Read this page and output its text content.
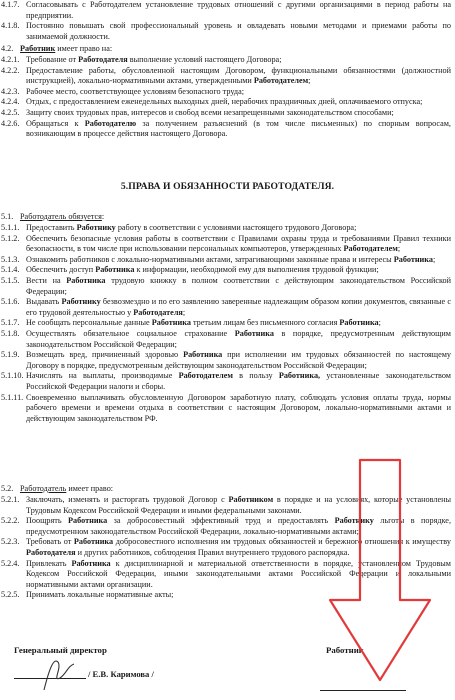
4.1.7. Согласовывать с Работодателем установление трудовых отношений с другими организациями в период работы на предприятии.
4.1.8. Постоянно повышать свой профессиональный уровень и овладевать новыми методами и приемами работы по занимаемой должности.
4.2. Работник имеет право на:
4.2.1. Требование от Работодателя выполнение условий настоящего Договора;
4.2.2. Предоставление работы, обусловленной настоящим Договором, функциональными обязанностями (должностной инструкцией), локально-нормативными актами, утвержденными Работодателем;
4.2.3. Рабочее место, соответствующее условиям безопасного труда;
4.2.4. Отдых, с предоставлением еженедельных выходных дней, нерабочих праздничных дней, оплачиваемого отпуска;
4.2.5. Защиту своих трудовых прав, интересов и свобод всеми незапрещенными законодательством способами;
4.2.6. Обращаться к Работодателю за получением разъяснений (в том числе письменных) по спорным вопросам, возникающим в процессе действия настоящего Договора.
5.ПРАВА И ОБЯЗАННОСТИ РАБОТОДАТЕЛЯ.
5.1. Работодатель обязуется:
5.1.1. Предоставить Работнику работу в соответствии с условиями настоящего трудового Договора;
5.1.2. Обеспечить безопасные условия работы в соответствии с Правилами охраны труда и требованиями Правил техники безопасности, в том числе при использовании персональных компьютеров, утвержденных Работодателем;
5.1.3. Ознакомить работников с локально-нормативными актами, затрагивающими законные права и интересы Работника;
5.1.4. Обеспечить доступ Работника к информации, необходимой ему для выполнения трудовой функции;
5.1.5. Вести на Работника трудовую книжку в полном соответствии с действующим законодательством Российской Федерации;
5.1.6. Выдавать Работнику безвозмездно и по его заявлению заверенные надлежащим образом копии документов, связанные с его трудовой деятельностью у Работодателя;
5.1.7. Не сообщать персональные данные Работника третьим лицам без письменного согласия Работника;
5.1.8. Осуществлять обязательное социальное страхование Работника в порядке, предусмотренным действующим законодательством Российской Федерации;
5.1.9. Возмещать вред, причиненный здоровью Работника при исполнении им трудовых обязанностей по настоящему Договору в порядке, предусмотренным действующим законодательством Российской Федерации;
5.1.10. Начислять на выплаты, производимые Работодателем в пользу Работника, установленные законодательством Российской Федерации налоги и сборы.
5.1.11. Своевременно выплачивать обусловленную Договором заработную плату, соблюдать условия оплаты труда, нормы рабочего времени и времени отдыха в соответствии с настоящим Договором, локально-нормативными актами и действующим законодательством РФ.
5.2. Работодатель имеет право:
5.2.1. Заключать, изменять и расторгать трудовой Договор с Работником в порядке и на условиях, которые установлены Трудовым Кодексом Российской Федерации и иными федеральными законами.
5.2.2. Поощрять Работника за добросовестный эффективный труд и предоставлять Работнику льготы в порядке, предусмотренном законодательством Российской Федерации, локально-нормативными актами;
5.2.3. Требовать от Работника добросовестного исполнения им трудовых обязанностей и бережного отношения к имуществу Работодателя и других работников, соблюдения Правил внутреннего трудового распорядка.
5.2.4. Привлекать Работника к дисциплинарной и материальной ответственности в порядке, установленном Трудовым Кодексом Российской Федерации, иными законодательными актами Российской Федерации и локальными нормативными актами организации.
5.2.5. Принимать локальные нормативные акты;
Генеральный директор
/ Е.В. Каримова /
Работник
